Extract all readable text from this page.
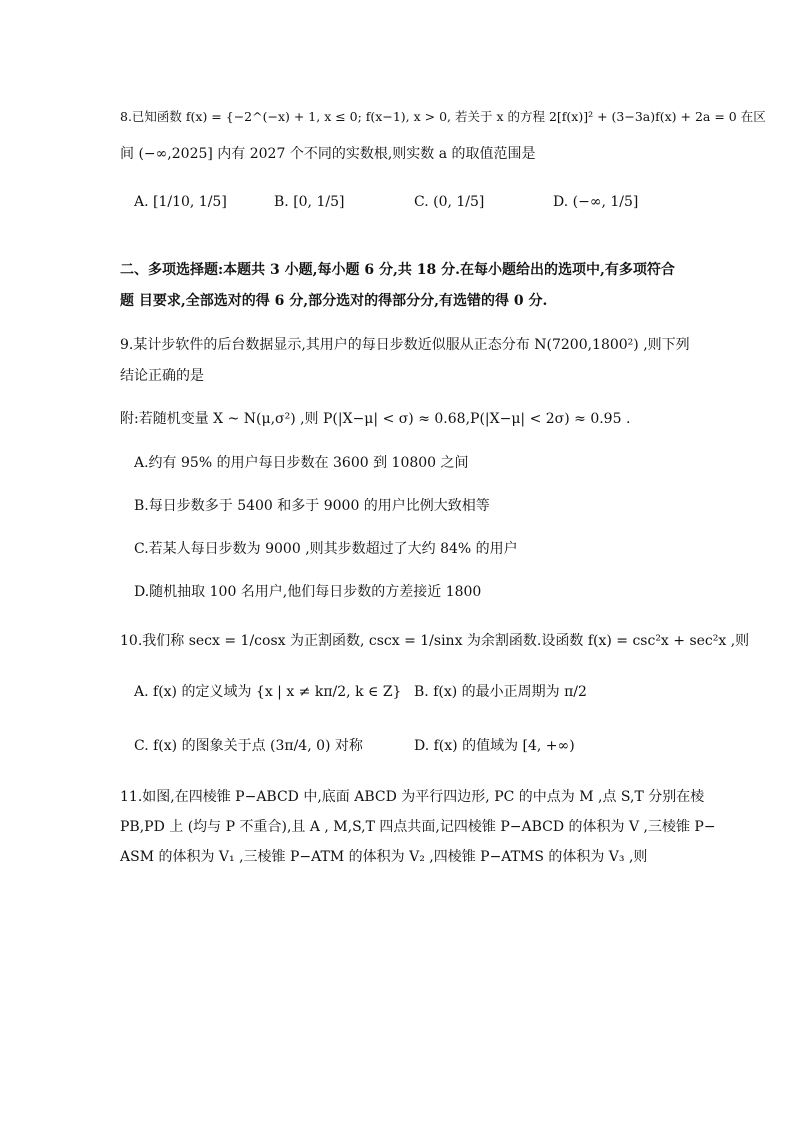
8.已知函数 f(x) = {−2^(−x) + 1, x ≤ 0; f(x−1), x > 0, 若关于 x 的方程 2[f(x)]² + (3−3a)f(x) + 2a = 0 在区
间 (−∞,2025] 内有 2027 个不同的实数根,则实数 a 的取值范围是
A. [1/10, 1/5]	B. [0, 1/5]	C. (0, 1/5]	D. (−∞, 1/5]
二、多项选择题:本题共 3 小题,每小题 6 分,共 18 分.在每小题给出的选项中,有多项符合
题 目要求,全部选对的得 6 分,部分选对的得部分分,有选错的得 0 分.
9.某计步软件的后台数据显示,其用户的每日步数近似服从正态分布 N(7200,1800²) ,则下列
结论正确的是
附:若随机变量 X ~ N(μ,σ²) ,则 P(|X−μ| < σ) ≈ 0.68,P(|X−μ| < 2σ) ≈ 0.95 .
A.约有 95% 的用户每日步数在 3600 到 10800 之间
B.每日步数多于 5400 和多于 9000 的用户比例大致相等
C.若某人每日步数为 9000 ,则其步数超过了大约 84% 的用户
D.随机抽取 100 名用户,他们每日步数的方差接近 1800
10.我们称 secx = 1/cosx 为正割函数, cscx = 1/sinx 为余割函数.设函数 f(x) = csc²x + sec²x ,则
A. f(x) 的定义域为 {x | x ≠ kπ/2, k ∈ Z} B. f(x) 的最小正周期为 π/2
C. f(x) 的图象关于点 (3π/4, 0) 对称	D. f(x) 的值域为 [4, +∞)
11.如图,在四棱锥 P−ABCD 中,底面 ABCD 为平行四边形, PC 的中点为 M ,点 S,T 分别在棱
PB,PD 上 (均与 P 不重合),且 A , M,S,T 四点共面,记四棱锥 P−ABCD 的体积为 V ,三棱锥 P−
ASM 的体积为 V₁ ,三棱锥 P−ATM 的体积为 V₂ ,四棱锥 P−ATMS 的体积为 V₃ ,则
